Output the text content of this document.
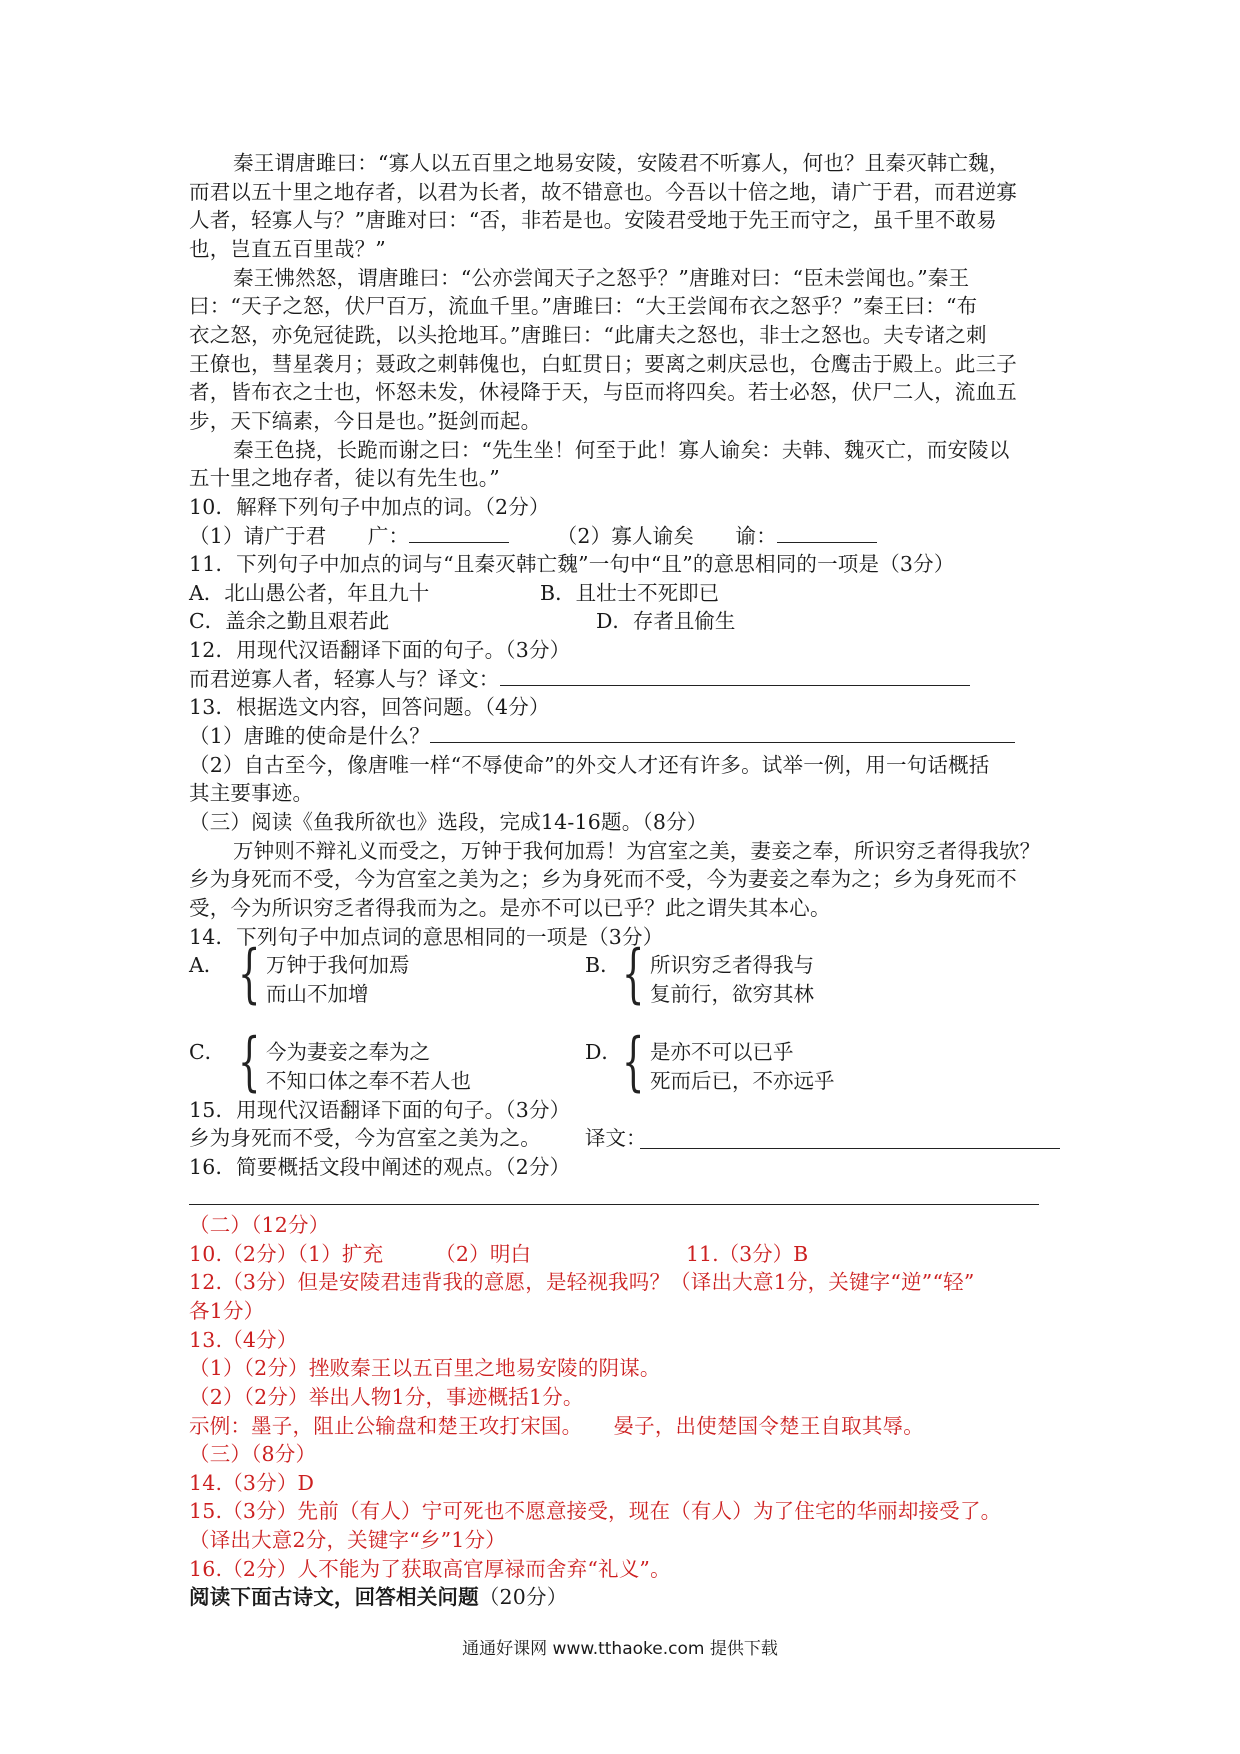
秦王谓唐雎曰：“寡人以五百里之地易安陵，安陵君不听寡人，何也？且秦灭韩亡魏，
而君以五十里之地存者，以君为长者，故不错意也。今吾以十倍之地，请广于君，而君逆寡
人者，轻寡人与？”唐雎对曰：“否，非若是也。安陵君受地于先王而守之，虽千里不敢易
也，岂直五百里哉？”
秦王怫然怒，谓唐雎曰：“公亦尝闻天子之怒乎？”唐雎对曰：“臣未尝闻也。”秦王
曰：“天子之怒，伏尸百万，流血千里。”唐雎曰：“大王尝闻布衣之怒乎？”秦王曰：“布
衣之怒，亦免冠徒跣，以头抢地耳。”唐雎曰：“此庸夫之怒也，非士之怒也。夫专诸之刺
王僚也，彗星袭月；聂政之刺韩傀也，白虹贯日；要离之刺庆忌也，仓鹰击于殿上。此三子
者，皆布衣之士也，怀怒未发，休祲降于天，与臣而将四矣。若士必怒，伏尸二人，流血五
步，天下缟素，今日是也。”挺剑而起。
秦王色挠，长跪而谢之曰：“先生坐！何至于此！寡人谕矣：夫韩、魏灭亡，而安陵以
五十里之地存者，徒以有先生也。”
10．解释下列句子中加点的词。（2分）
（1）请广于君　　广：	（2）寡人谕矣　　谕：
11．下列句子中加点的词与“且秦灭韩亡魏”一句中“且”的意思相同的一项是（3分）
A．北山愚公者，年且九十	B．且壮士不死即已
C．盖余之勤且艰若此	D．存者且偷生
12．用现代汉语翻译下面的句子。（3分）
而君逆寡人者，轻寡人与？译文：
13．根据选文内容，回答问题。（4分）
（1）唐雎的使命是什么？
（2）自古至今，像唐唯一样“不辱使命”的外交人才还有许多。试举一例，用一句话概括
其主要事迹。
（三）阅读《鱼我所欲也》选段，完成14-16题。（8分）
万钟则不辩礼义而受之，万钟于我何加焉！为宫室之美，妻妾之奉，所识穷乏者得我欤？
乡为身死而不受，今为宫室之美为之；乡为身死而不受，今为妻妾之奉为之；乡为身死而不
受，今为所识穷乏者得我而为之。是亦不可以已乎？此之谓失其本心。
14．下列句子中加点词的意思相同的一项是（3分）
A． { 万钟于我何加焉
而山不加增
B． { 所识穷乏者得我与
复前行，欲穷其林
C． { 今为妻妾之奉为之
不知口体之奉不若人也
D． { 是亦不可以已乎
死而后已，不亦远乎
15．用现代汉语翻译下面的句子。（3分）
乡为身死而不受，今为宫室之美为之。 译文：
16．简要概括文段中阐述的观点。（2分）
（二）（12分）
10.（2分）（1）扩充　　　（2）明白	11.（3分）B
12.（3分）但是安陵君违背我的意愿，是轻视我吗？（译出大意1分，关键字“逆”“轻”
各1分）
13.（4分）
（1）（2分）挫败秦王以五百里之地易安陵的阴谋。
（2）（2分）举出人物1分，事迹概括1分。
示例：墨子，阻止公输盘和楚王攻打宋国。　　晏子，出使楚国令楚王自取其辱。
（三）（8分）
14.（3分）D
15.（3分）先前（有人）宁可死也不愿意接受，现在（有人）为了住宅的华丽却接受了。
（译出大意2分，关键字“乡”1分）
16.（2分）人不能为了获取高官厚禄而舍弃“礼义”。
阅读下面古诗文，回答相关问题（20分）
通通好课网 www.tthaoke.com 提供下载
